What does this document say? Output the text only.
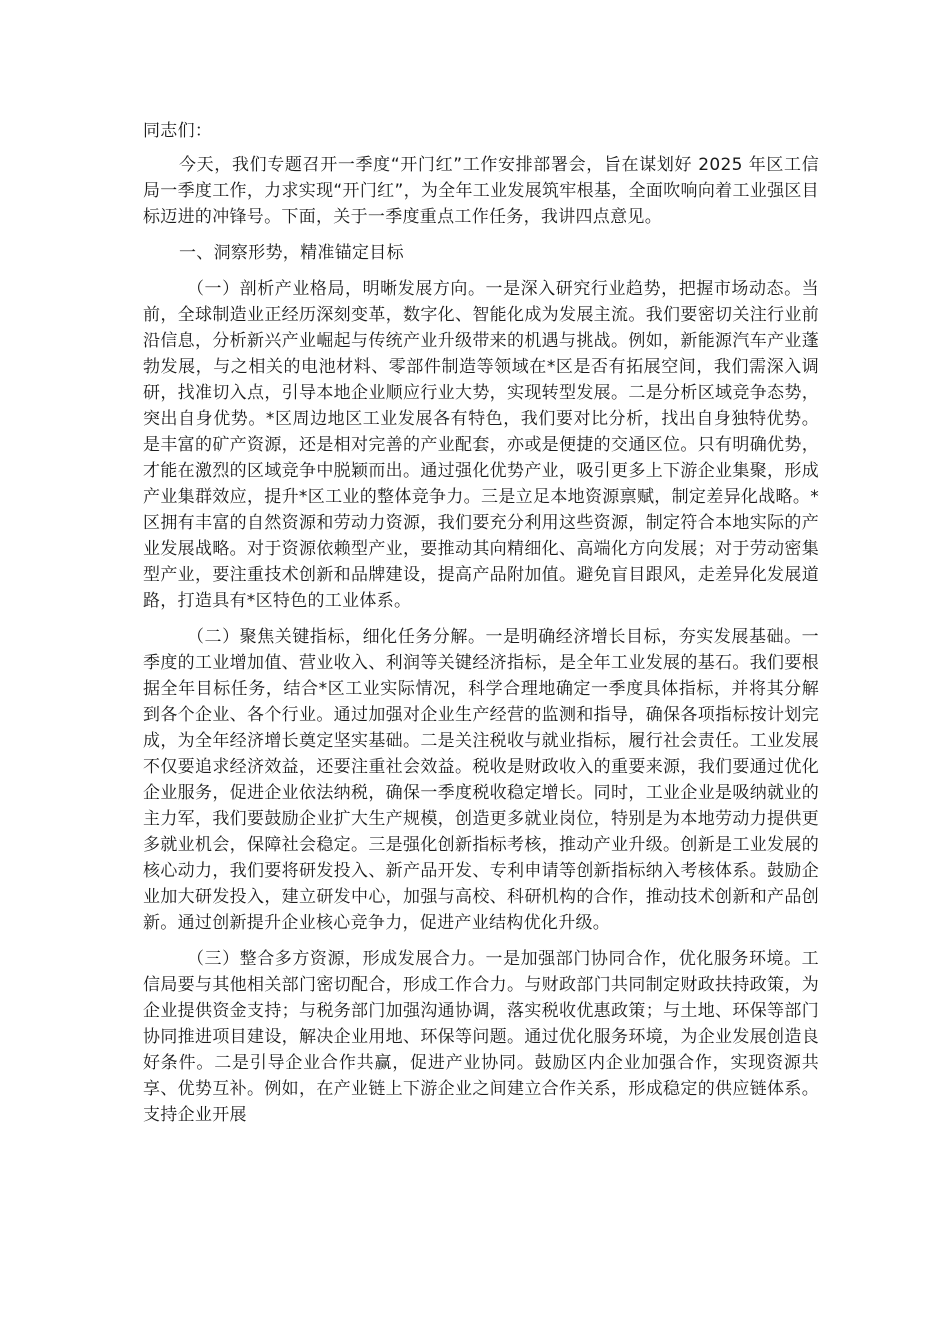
同志们：

今天，我们专题召开一季度“开门红”工作安排部署会，旨在谋划好 2025 年区工信局一季度工作，力求实现“开门红”，为全年工业发展筑牢根基，全面吹响向着工业强区目标迈进的冲锋号。下面，关于一季度重点工作任务，我讲四点意见。

一、洞察形势，精准锚定目标

（一）剖析产业格局，明晰发展方向。一是深入研究行业趋势，把握市场动态。当前，全球制造业正经历深刻变革，数字化、智能化成为发展主流。我们要密切关注行业前沿信息，分析新兴产业崛起与传统产业升级带来的机遇与挑战。例如，新能源汽车产业蓬勃发展，与之相关的电池材料、零部件制造等领域在*区是否有拓展空间，我们需深入调研，找准切入点，引导本地企业顺应行业大势，实现转型发展。二是分析区域竞争态势，突出自身优势。*区周边地区工业发展各有特色，我们要对比分析，找出自身独特优势。是丰富的矿产资源，还是相对完善的产业配套，亦或是便捷的交通区位。只有明确优势，才能在激烈的区域竞争中脱颖而出。通过强化优势产业，吸引更多上下游企业集聚，形成产业集群效应，提升*区工业的整体竞争力。三是立足本地资源禀赋，制定差异化战略。*区拥有丰富的自然资源和劳动力资源，我们要充分利用这些资源，制定符合本地实际的产业发展战略。对于资源依赖型产业，要推动其向精细化、高端化方向发展；对于劳动密集型产业，要注重技术创新和品牌建设，提高产品附加值。避免盲目跟风，走差异化发展道路，打造具有*区特色的工业体系。

（二）聚焦关键指标，细化任务分解。一是明确经济增长目标，夯实发展基础。一季度的工业增加值、营业收入、利润等关键经济指标，是全年工业发展的基石。我们要根据全年目标任务，结合*区工业实际情况，科学合理地确定一季度具体指标，并将其分解到各个企业、各个行业。通过加强对企业生产经营的监测和指导，确保各项指标按计划完成，为全年经济增长奠定坚实基础。二是关注税收与就业指标，履行社会责任。工业发展不仅要追求经济效益，还要注重社会效益。税收是财政收入的重要来源，我们要通过优化企业服务，促进企业依法纳税，确保一季度税收稳定增长。同时，工业企业是吸纳就业的主力军，我们要鼓励企业扩大生产规模，创造更多就业岗位，特别是为本地劳动力提供更多就业机会，保障社会稳定。三是强化创新指标考核，推动产业升级。创新是工业发展的核心动力，我们要将研发投入、新产品开发、专利申请等创新指标纳入考核体系。鼓励企业加大研发投入，建立研发中心，加强与高校、科研机构的合作，推动技术创新和产品创新。通过创新提升企业核心竞争力，促进产业结构优化升级。

（三）整合多方资源，形成发展合力。一是加强部门协同合作，优化服务环境。工信局要与其他相关部门密切配合，形成工作合力。与财政部门共同制定财政扶持政策，为企业提供资金支持；与税务部门加强沟通协调，落实税收优惠政策；与土地、环保等部门协同推进项目建设，解决企业用地、环保等问题。通过优化服务环境，为企业发展创造良好条件。二是引导企业合作共赢，促进产业协同。鼓励区内企业加强合作，实现资源共享、优势互补。例如，在产业链上下游企业之间建立合作关系，形成稳定的供应链体系。支持企业开展
